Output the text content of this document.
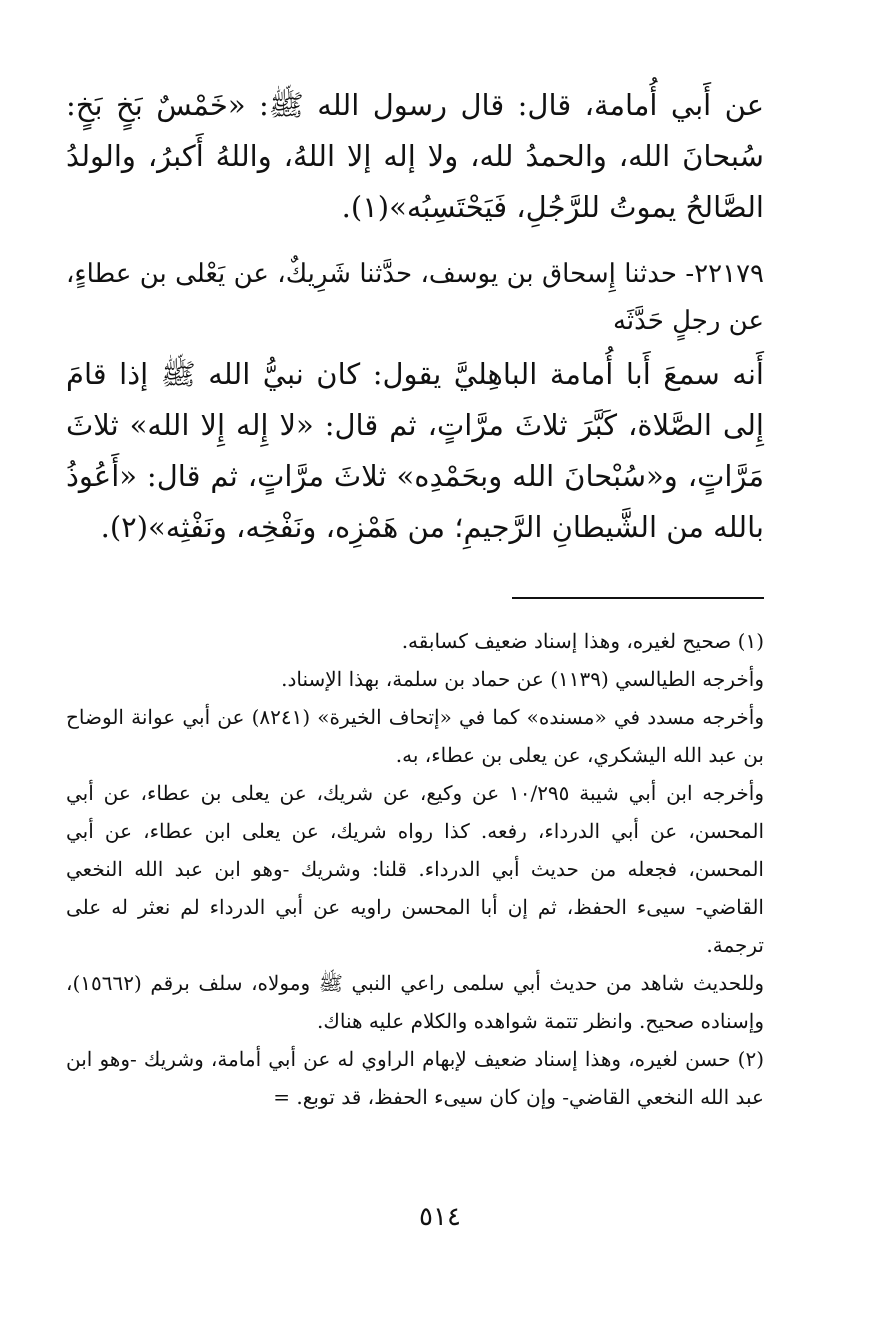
عن أَبي أُمامة، قال: قال رسول الله ﷺ: «خَمْسٌ بَخٍ بَخٍ: سُبحانَ الله، والحمدُ لله، ولا إله إلا اللهُ، واللهُ أَكبرُ، والولدُ الصَّالحُ يموتُ للرَّجُلِ، فَيَحْتَسِبُه»(١).

٢٢١٧٩- حدثنا إِسحاق بن يوسف، حدَّثنا شَرِيكٌ، عن يَعْلى بن عطاءٍ، عن رجلٍ حَدَّثَه

أَنه سمعَ أَبا أُمامة الباهِليَّ يقول: كان نبيُّ الله ﷺ إذا قامَ إِلى الصَّلاة، كَبَّرَ ثلاثَ مرَّاتٍ، ثم قال: «لا إِله إِلا الله» ثلاثَ مَرَّاتٍ، و«سُبْحانَ الله وبحَمْدِه» ثلاثَ مرَّاتٍ، ثم قال: «أَعُوذُ بالله من الشَّيطانِ الرَّجيمِ؛ من هَمْزِه، ونَفْخِه، ونَفْثِه»(٢).

(١) صحيح لغيره، وهذا إسناد ضعيف كسابقه.

وأخرجه الطيالسي (١١٣٩) عن حماد بن سلمة، بهذا الإسناد.

وأخرجه مسدد في «مسنده» كما في «إتحاف الخيرة» (٨٢٤١) عن أبي عوانة الوضاح بن عبد الله اليشكري، عن يعلى بن عطاء، به.

وأخرجه ابن أبي شيبة ١٠/٢٩٥ عن وكيع، عن شريك، عن يعلى بن عطاء، عن أبي المحسن، عن أبي الدرداء، رفعه. كذا رواه شريك، عن يعلى ابن عطاء، عن أبي المحسن، فجعله من حديث أبي الدرداء. قلنا: وشريك -وهو ابن عبد الله النخعي القاضي- سيىء الحفظ، ثم إن أبا المحسن راويه عن أبي الدرداء لم نعثر له على ترجمة.

وللحديث شاهد من حديث أبي سلمى راعي النبي ﷺ ومولاه، سلف برقم (١٥٦٦٢)، وإسناده صحيح. وانظر تتمة شواهده والكلام عليه هناك.

(٢) حسن لغيره، وهذا إسناد ضعيف لإبهام الراوي له عن أبي أمامة، وشريك -وهو ابن عبد الله النخعي القاضي- وإن كان سيىء الحفظ، قد توبع. =

٥١٤
